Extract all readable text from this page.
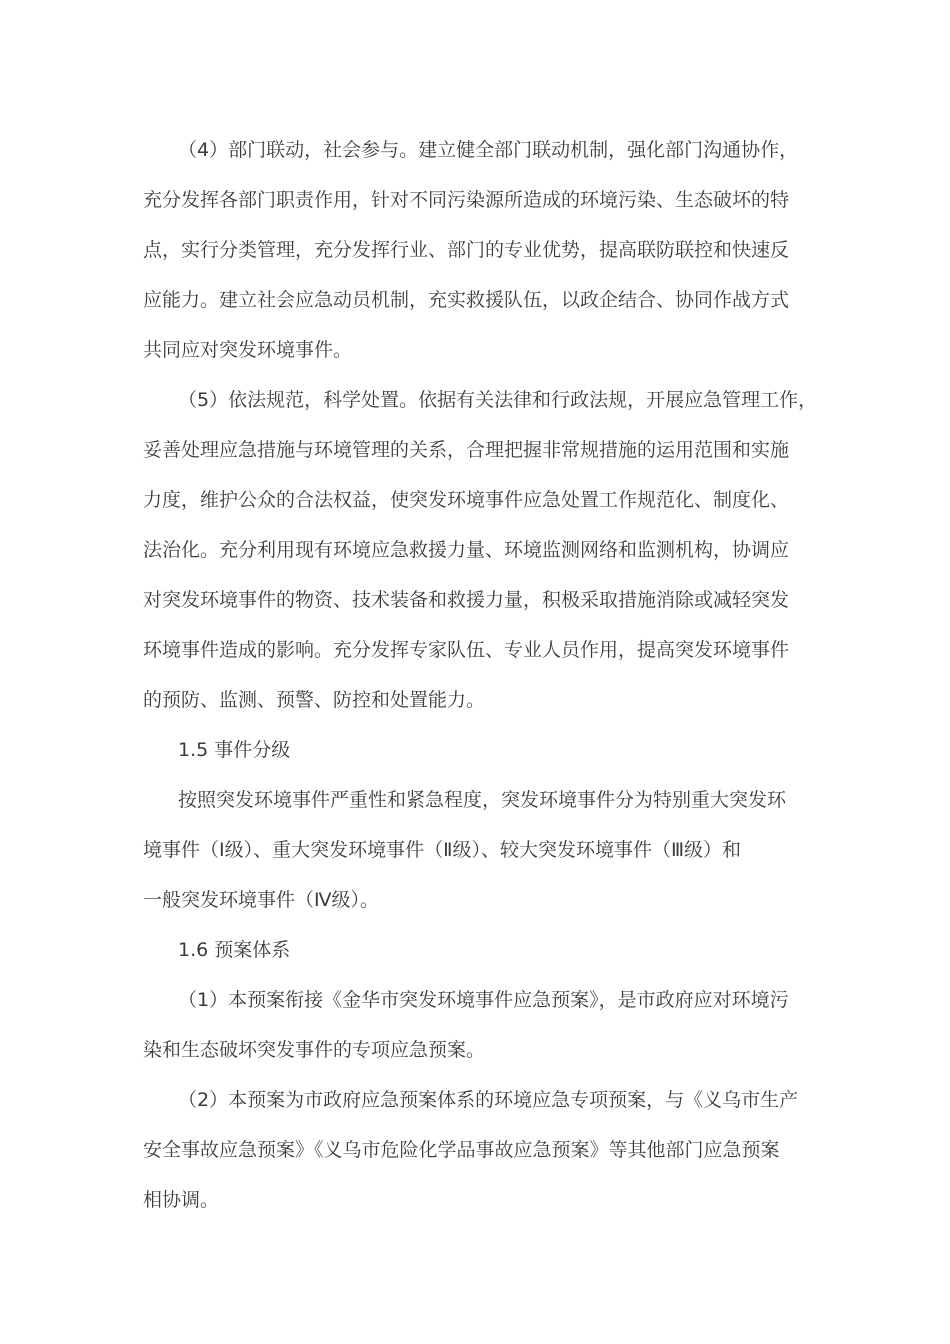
（4）部门联动，社会参与。建立健全部门联动机制，强化部门沟通协作，
充分发挥各部门职责作用，针对不同污染源所造成的环境污染、生态破坏的特
点，实行分类管理，充分发挥行业、部门的专业优势，提高联防联控和快速反
应能力。建立社会应急动员机制，充实救援队伍，以政企结合、协同作战方式
共同应对突发环境事件。
（5）依法规范，科学处置。依据有关法律和行政法规，开展应急管理工作，
妥善处理应急措施与环境管理的关系，合理把握非常规措施的运用范围和实施
力度，维护公众的合法权益，使突发环境事件应急处置工作规范化、制度化、
法治化。充分利用现有环境应急救援力量、环境监测网络和监测机构，协调应
对突发环境事件的物资、技术装备和救援力量，积极采取措施消除或减轻突发
环境事件造成的影响。充分发挥专家队伍、专业人员作用，提高突发环境事件
的预防、监测、预警、防控和处置能力。
1.5 事件分级
按照突发环境事件严重性和紧急程度，突发环境事件分为特别重大突发环
境事件（Ⅰ级）、重大突发环境事件（Ⅱ级）、较大突发环境事件（Ⅲ级）和
一般突发环境事件（Ⅳ级）。
1.6 预案体系
（1）本预案衔接《金华市突发环境事件应急预案》，是市政府应对环境污
染和生态破坏突发事件的专项应急预案。
（2）本预案为市政府应急预案体系的环境应急专项预案，与《义乌市生产
安全事故应急预案》《义乌市危险化学品事故应急预案》等其他部门应急预案
相协调。
